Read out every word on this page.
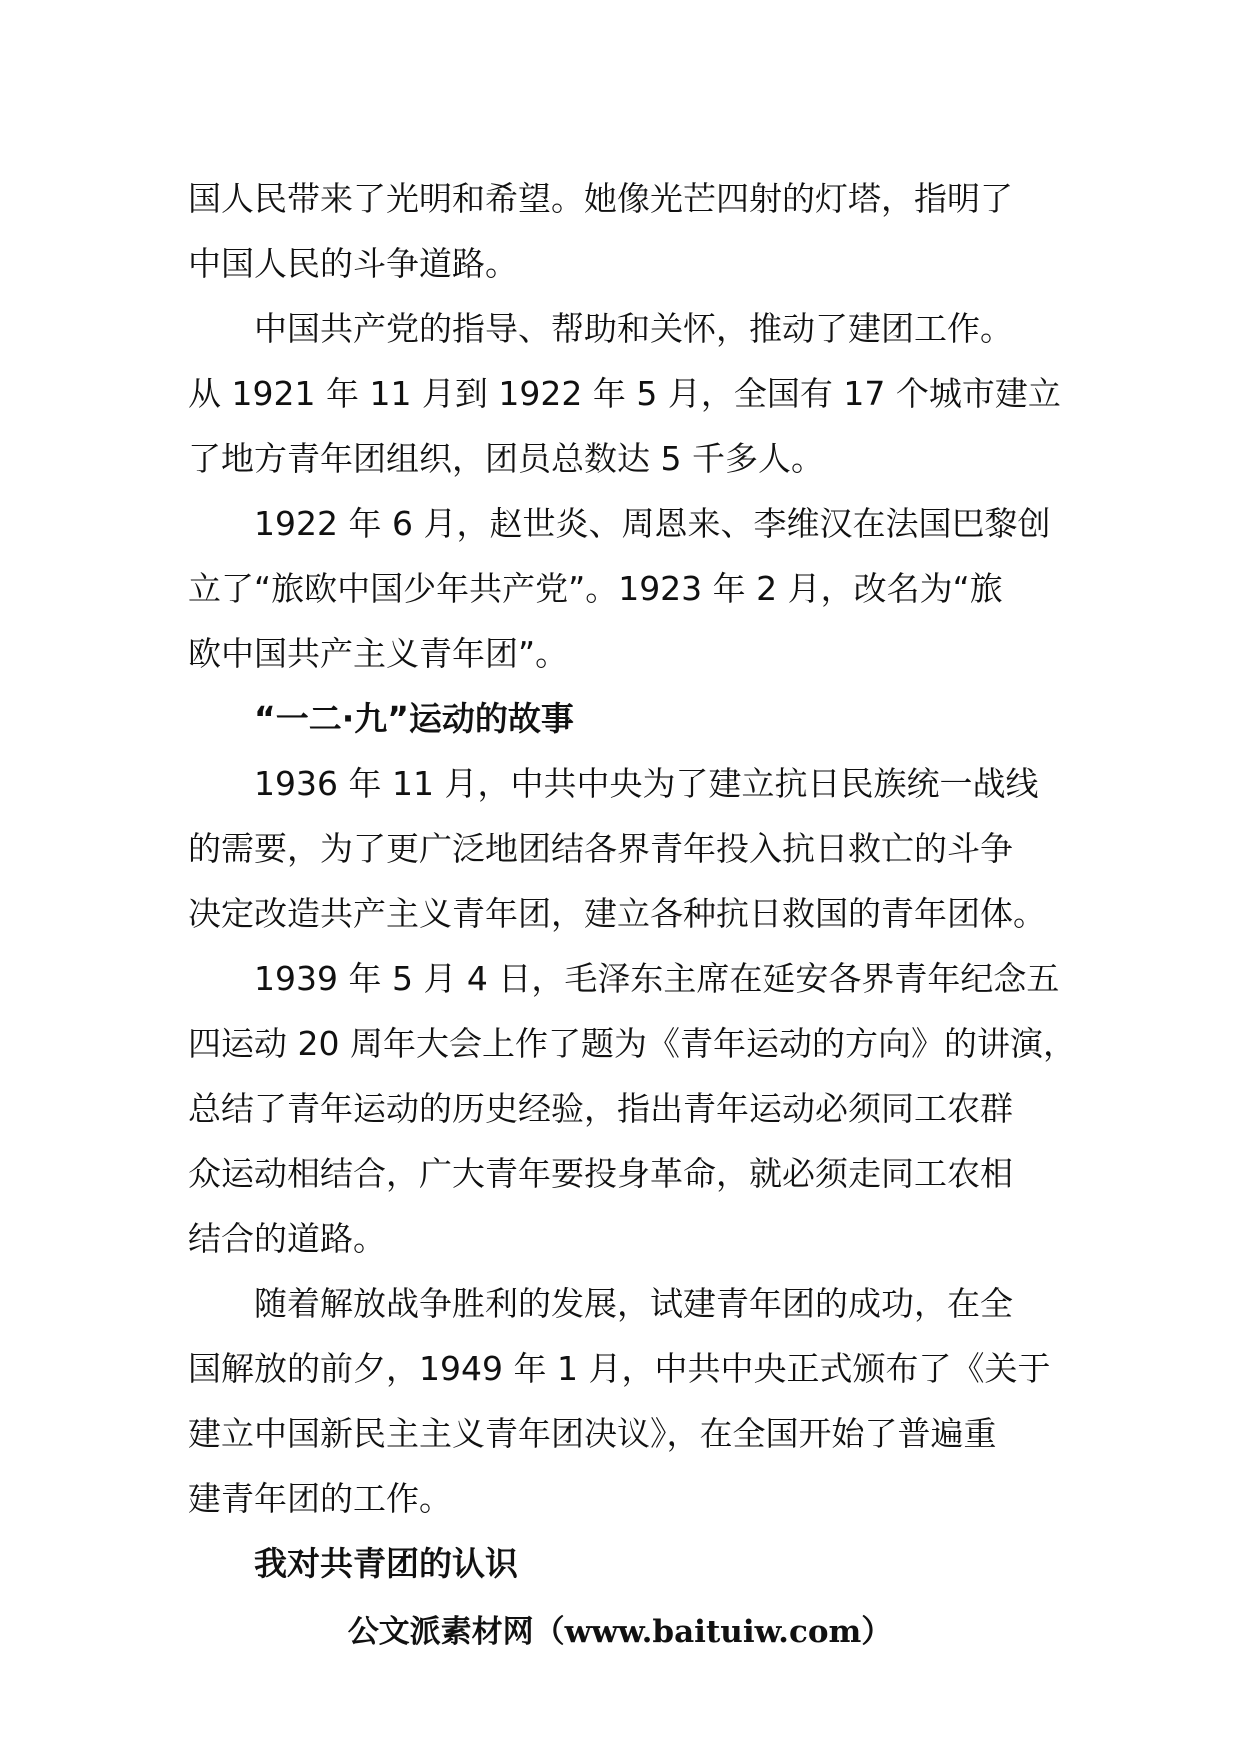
国人民带来了光明和希望。她像光芒四射的灯塔，指明了
中国人民的斗争道路。
中国共产党的指导、帮助和关怀，推动了建团工作。
从 1921 年 11 月到 1922 年 5 月，全国有 17 个城市建立
了地方青年团组织，团员总数达 5 千多人。
1922 年 6 月，赵世炎、周恩来、李维汉在法国巴黎创
立了“旅欧中国少年共产党”。1923 年 2 月，改名为“旅
欧中国共产主义青年团”。
“一二·九”运动的故事
1936 年 11 月，中共中央为了建立抗日民族统一战线
的需要，为了更广泛地团结各界青年投入抗日救亡的斗争
决定改造共产主义青年团，建立各种抗日救国的青年团体。
1939 年 5 月 4 日，毛泽东主席在延安各界青年纪念五
四运动 20 周年大会上作了题为《青年运动的方向》的讲演，
总结了青年运动的历史经验，指出青年运动必须同工农群
众运动相结合，广大青年要投身革命，就必须走同工农相
结合的道路。
随着解放战争胜利的发展，试建青年团的成功，在全
国解放的前夕，1949 年 1 月，中共中央正式颁布了《关于
建立中国新民主主义青年团决议》，在全国开始了普遍重
建青年团的工作。
我对共青团的认识
公文派素材网（www.baituiw.com）
